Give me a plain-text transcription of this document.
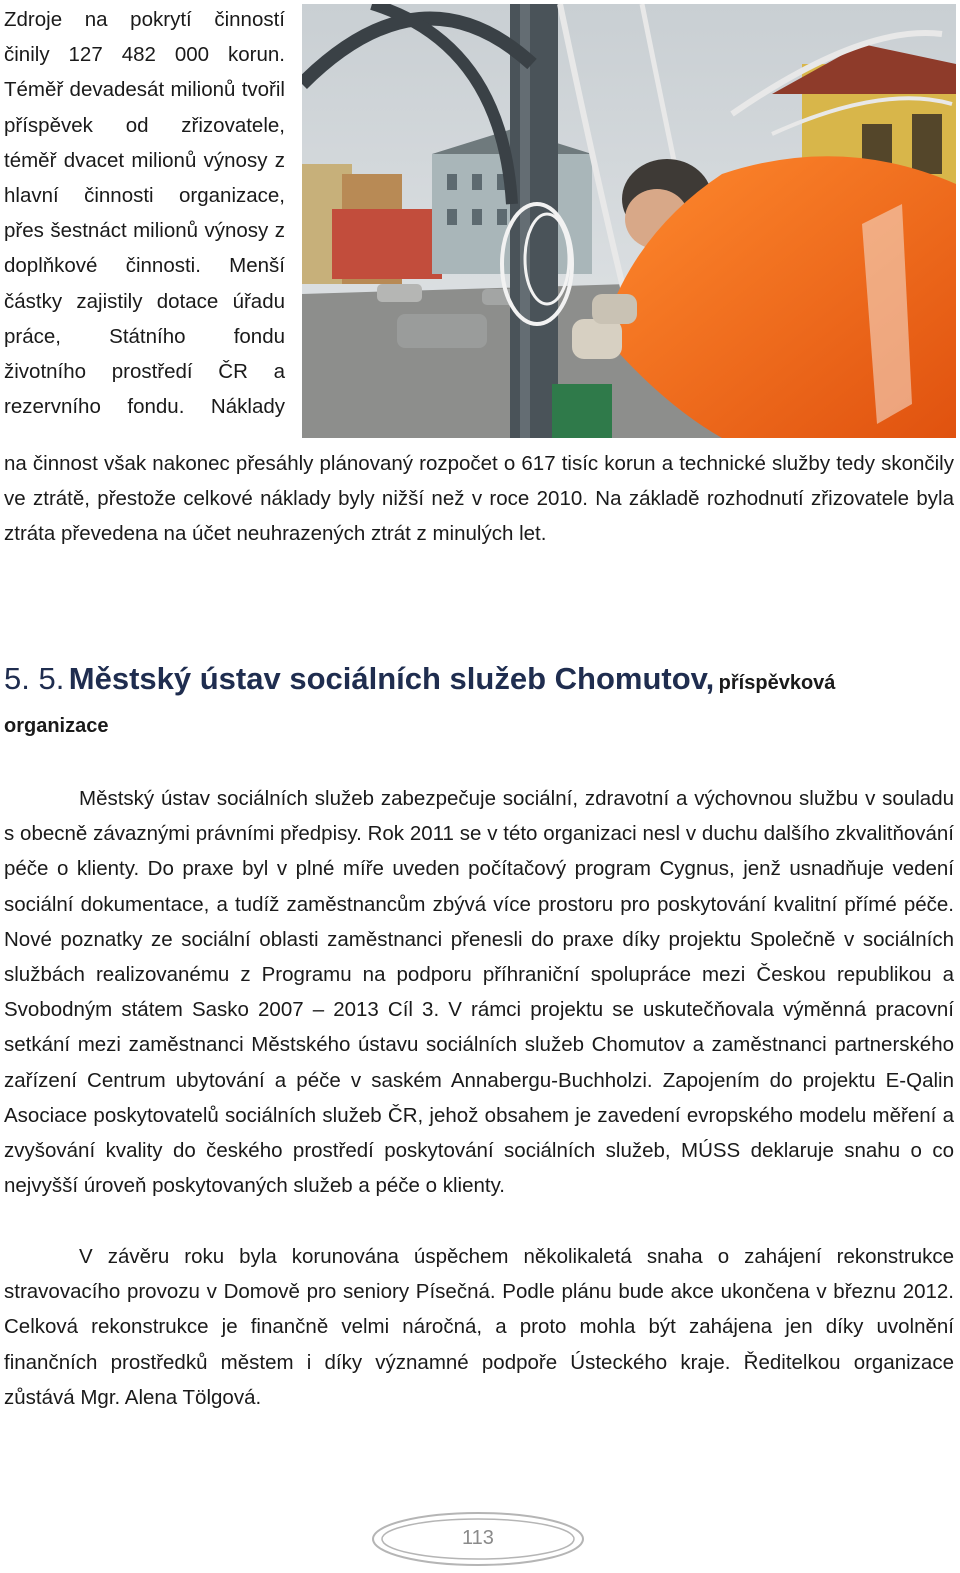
Zdroje na pokrytí činností činily 127 482 000 korun. Téměř devadesát milionů tvořil příspěvek od zřizovatele, téměř dvacet milionů výnosy z hlavní činnosti organizace, přes šestnáct milionů výnosy z doplňkové činnosti. Menší částky zajistily dotace úřadu práce, Státního fondu životního prostředí ČR a rezervního fondu. Náklady

na činnost však nakonec přesáhly plánovaný rozpočet o 617 tisíc korun a technické služby tedy skončily ve ztrátě, přestože celkové náklady byly nižší než v roce 2010. Na základě rozhodnutí zřizovatele byla ztráta převedena na účet neuhrazených ztrát z minulých let.

5. 5. Městský ústav sociálních služeb Chomutov, příspěvková
organizace

Městský ústav sociálních služeb zabezpečuje sociální, zdravotní a výchovnou službu v souladu s obecně závaznými právními předpisy. Rok 2011 se v této organizaci nesl v duchu dalšího zkvalitňování péče o klienty. Do praxe byl v plné míře uveden počítačový program Cygnus, jenž usnadňuje vedení sociální dokumentace, a tudíž zaměstnancům zbývá více prostoru pro poskytování kvalitní přímé péče. Nové poznatky ze sociální oblasti zaměstnanci přenesli do praxe díky projektu Společně v sociálních službách realizovanému z Programu na podporu příhraniční spolupráce mezi Českou republikou a Svobodným státem Sasko 2007 – 2013 Cíl 3. V rámci projektu se uskutečňovala výměnná pracovní setkání mezi zaměstnanci Městského ústavu sociálních služeb Chomutov a zaměstnanci partnerského zařízení Centrum ubytování a péče v saském Annabergu-Buchholzi. Zapojením do projektu E-Qalin Asociace poskytovatelů sociálních služeb ČR, jehož obsahem je zavedení evropského modelu měření a zvyšování kvality do českého prostředí poskytování sociálních služeb, MÚSS deklaruje snahu o co nejvyšší úroveň poskytovaných služeb a péče o klienty.

V závěru roku byla korunována úspěchem několikaletá snaha o zahájení rekonstrukce stravovacího provozu v Domově pro seniory Písečná. Podle plánu bude akce ukončena v březnu 2012. Celková rekonstrukce je finančně velmi náročná, a proto mohla být zahájena jen díky uvolnění finančních prostředků městem i díky významné podpoře Ústeckého kraje. Ředitelkou organizace zůstává Mgr. Alena Tölgová.

113
